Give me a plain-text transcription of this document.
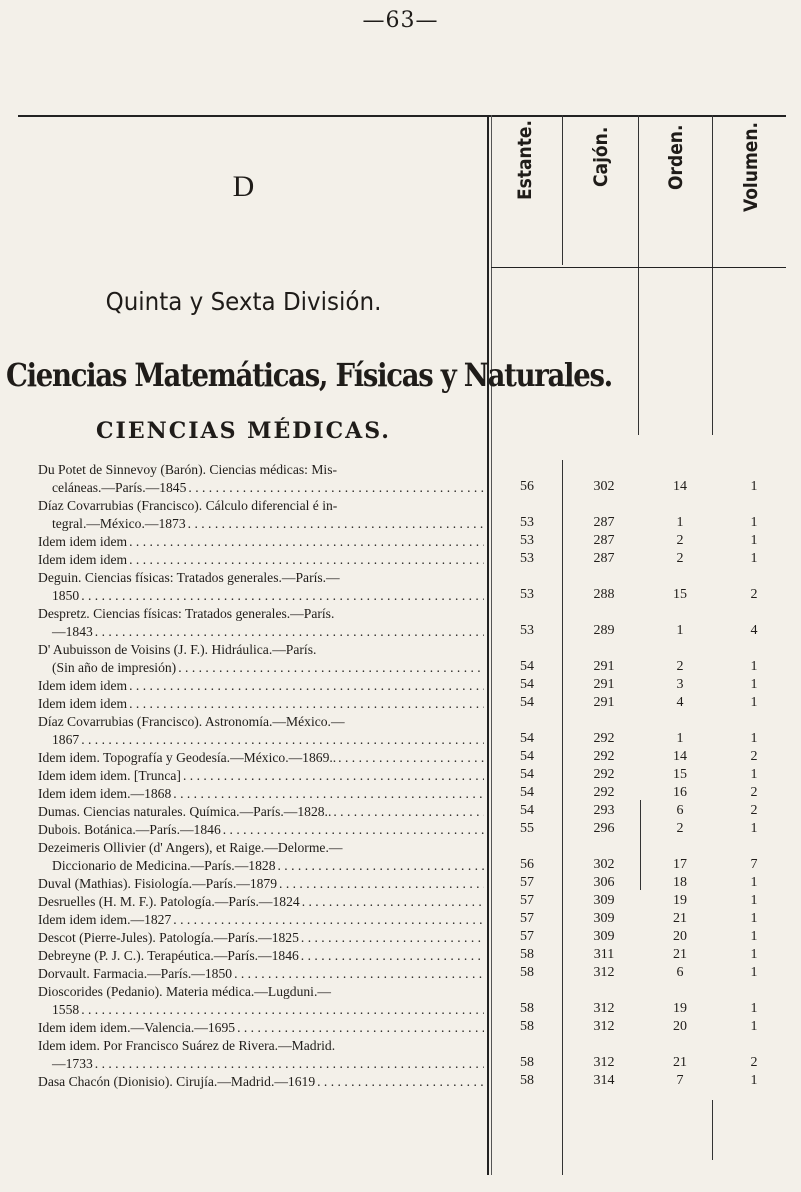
—63—
Estante.	Cajón.	Orden.	Volumen.
D
Quinta y Sexta División.
Ciencias Matemáticas, Físicas y Naturales.
CIENCIAS MÉDICAS.
Du Potet de Sinnevoy (Barón). Ciencias médicas: Mis-
celáneas.—París.—1845 . . .	56	302	14	1
Díaz Covarrubias (Francisco). Cálculo diferencial é in-
tegral.—México.—1873 . . .	53	287	1	1
Idem idem idem . . .	53	287	2	1
Idem idem idem . . .	53	287	2	1
Deguin. Ciencias físicas: Tratados generales.—París.—
1850 . . .	53	288	15	2
Despretz. Ciencias físicas: Tratados generales.—París.
—1843 . . .	53	289	1	4
D' Aubuisson de Voisins (J. F.). Hidráulica.—París.
(Sin año de impresión) . . .	54	291	2	1
Idem idem idem . . .	54	291	3	1
Idem idem idem . . .	54	291	4	1
Díaz Covarrubias (Francisco). Astronomía.—México.—
1867 . . .	54	292	1	1
Idem idem. Topografía y Geodesía.—México.—1869.. . . .	54	292	14	2
Idem idem idem. [Trunca] . . .	54	292	15	1
Idem idem idem.—1868 . . .	54	292	16	2
Dumas. Ciencias naturales. Química.—París.—1828.. . . .	54	293	6	2
Dubois. Botánica.—París.—1846 . . .	55	296	2	1
Dezeimeris Ollivier (d' Angers), et Raige.—Delorme.—
Diccionario de Medicina.—París.—1828 . . .	56	302	17	7
Duval (Mathias). Fisiología.—París.—1879 . . .	57	306	18	1
Desruelles (H. M. F.). Patología.—París.—1824 . . .	57	309	19	1
Idem idem idem.—1827 . . .	57	309	21	1
Descot (Pierre-Jules). Patología.—París.—1825 . . .	57	309	20	1
Debreyne (P. J. C.). Terapéutica.—París.—1846 . . .	58	311	21	1
Dorvault. Farmacia.—París.—1850 . . .	58	312	6	1
Dioscorides (Pedanio). Materia médica.—Lugduni.—
1558 . . .	58	312	19	1
Idem idem idem.—Valencia.—1695 . . .	58	312	20	1
Idem idem. Por Francisco Suárez de Rivera.—Madrid.
—1733 . . .	58	312	21	2
Dasa Chacón (Dionisio). Cirujía.—Madrid.—1619 . . .	58	314	7	1
